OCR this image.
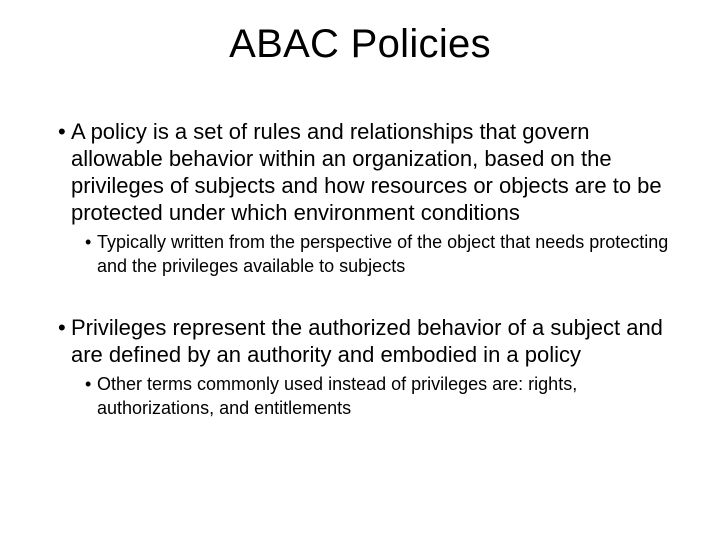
ABAC Policies
• A policy is a set of rules and relationships that govern allowable behavior within an organization, based on the privileges of subjects and how resources or objects are to be protected under which environment conditions
• Typically written from the perspective of the object that needs protecting and the privileges available to subjects
• Privileges represent the authorized behavior of a subject and are defined by an authority and embodied in a policy
• Other terms commonly used instead of privileges are: rights, authorizations, and entitlements
